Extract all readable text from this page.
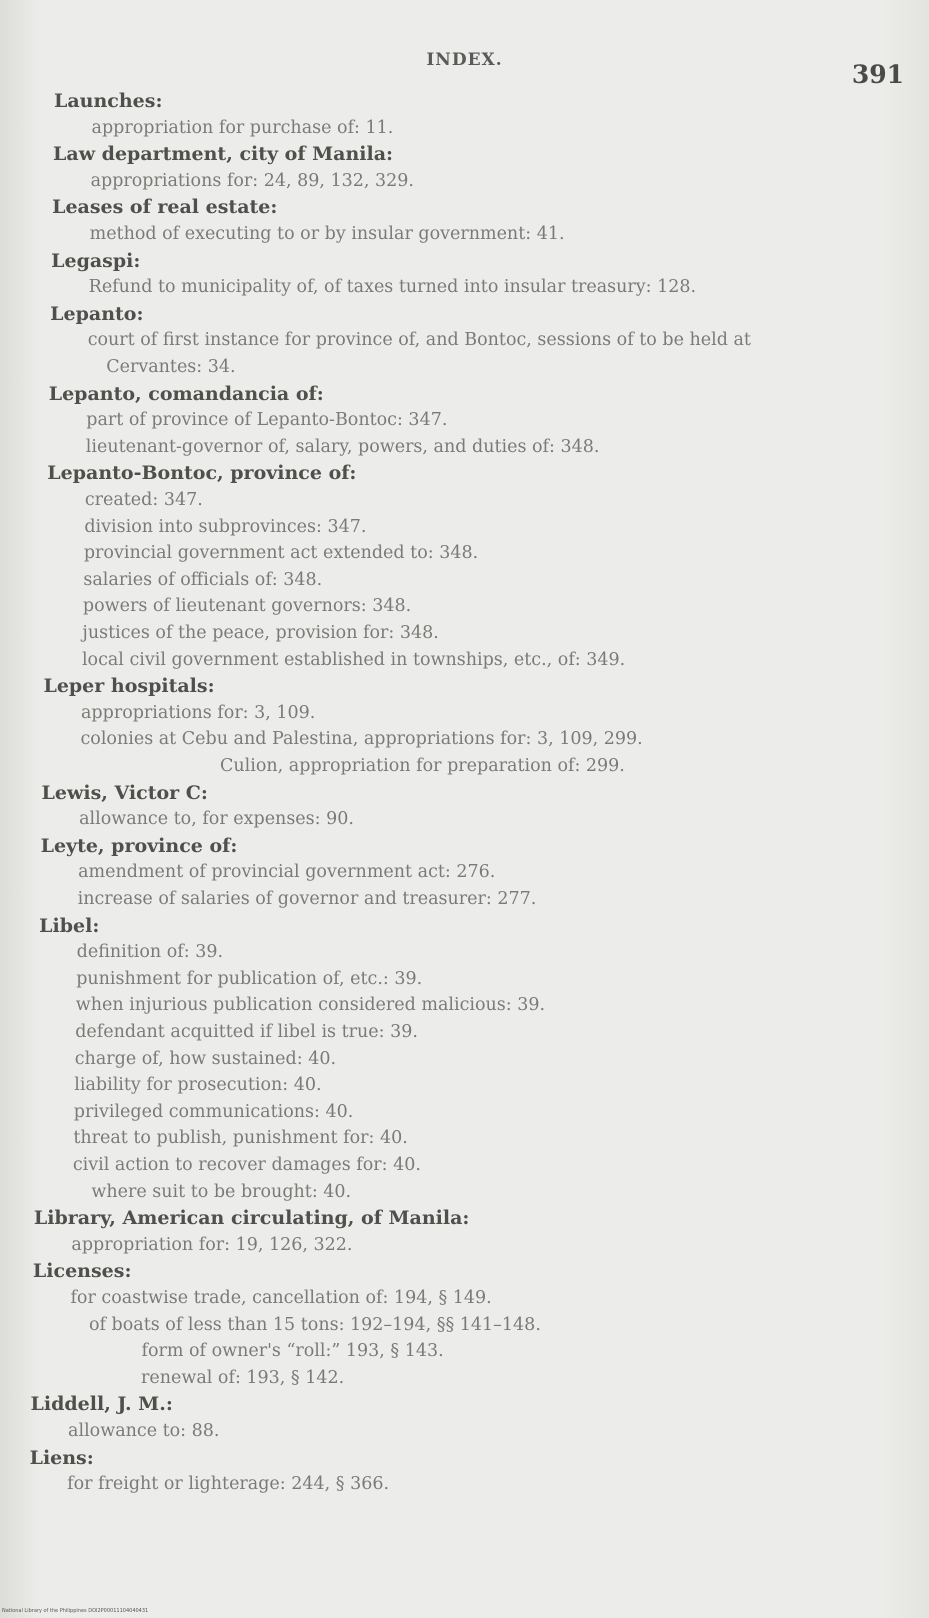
INDEX.	391
Launches:
appropriation for purchase of: 11.
Law department, city of Manila:
appropriations for: 24, 89, 132, 329.
Leases of real estate:
method of executing to or by insular government: 41.
Legaspi:
Refund to municipality of, of taxes turned into insular treasury: 128.
Lepanto:
court of first instance for province of, and Bontoc, sessions of to be held at
Cervantes: 34.
Lepanto, comandancia of:
part of province of Lepanto-Bontoc: 347.
lieutenant-governor of, salary, powers, and duties of: 348.
Lepanto-Bontoc, province of:
created: 347.
division into subprovinces: 347.
provincial government act extended to: 348.
salaries of officials of: 348.
powers of lieutenant governors: 348.
justices of the peace, provision for: 348.
local civil government established in townships, etc., of: 349.
Leper hospitals:
appropriations for: 3, 109.
colonies at Cebu and Palestina, appropriations for: 3, 109, 299.
Culion, appropriation for preparation of: 299.
Lewis, Victor C:
allowance to, for expenses: 90.
Leyte, province of:
amendment of provincial government act: 276.
increase of salaries of governor and treasurer: 277.
Libel:
definition of: 39.
punishment for publication of, etc.: 39.
when injurious publication considered malicious: 39.
defendant acquitted if libel is true: 39.
charge of, how sustained: 40.
liability for prosecution: 40.
privileged communications: 40.
threat to publish, punishment for: 40.
civil action to recover damages for: 40.
where suit to be brought: 40.
Library, American circulating, of Manila:
appropriation for: 19, 126, 322.
Licenses:
for coastwise trade, cancellation of: 194, § 149.
of boats of less than 15 tons: 192–194, §§ 141–148.
form of owner's “roll:” 193, § 143.
renewal of: 193, § 142.
Liddell, J. M.:
allowance to: 88.
Liens:
for freight or lighterage: 244, § 366.
National Library of the Philippines DOI2P00011104040431
